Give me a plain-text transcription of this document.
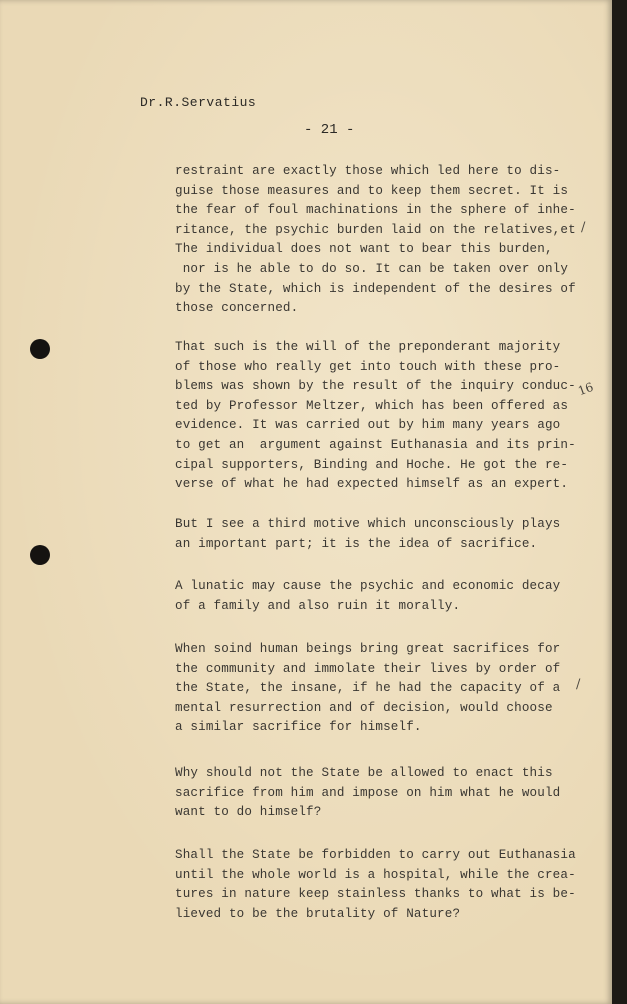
Dr.R.Servatius
- 21 -
restraint are exactly those which led here to dis-
guise those measures and to keep them secret. It is
the fear of foul machinations in the sphere of inhe-
ritance, the psychic burden laid on the relatives,et
The individual does not want to bear this burden,
nor is he able to do so. It can be taken over only
by the State, which is independent of the desires of
those concerned.
That such is the will of the preponderant majority
of those who really get into touch with these pro-
blems was shown by the result of the inquiry conduc-
ted by Professor Meltzer, which has been offered as
evidence. It was carried out by him many years ago
to get an  argument against Euthanasia and its prin-
cipal supporters, Binding and Hoche. He got the re-
verse of what he had expected himself as an expert.
But I see a third motive which unconsciously plays
an important part; it is the idea of sacrifice.
A lunatic may cause the psychic and economic decay
of a family and also ruin it morally.
When soind human beings bring great sacrifices for
the community and immolate their lives by order of
the State, the insane, if he had the capacity of a
mental resurrection and of decision, would choose
a similar sacrifice for himself.
Why should not the State be allowed to enact this
sacrifice from him and impose on him what he would
want to do himself?
Shall the State be forbidden to carry out Euthanasia
until the whole world is a hospital, while the crea-
tures in nature keep stainless thanks to what is be-
lieved to be the brutality of Nature?
16
/
/
